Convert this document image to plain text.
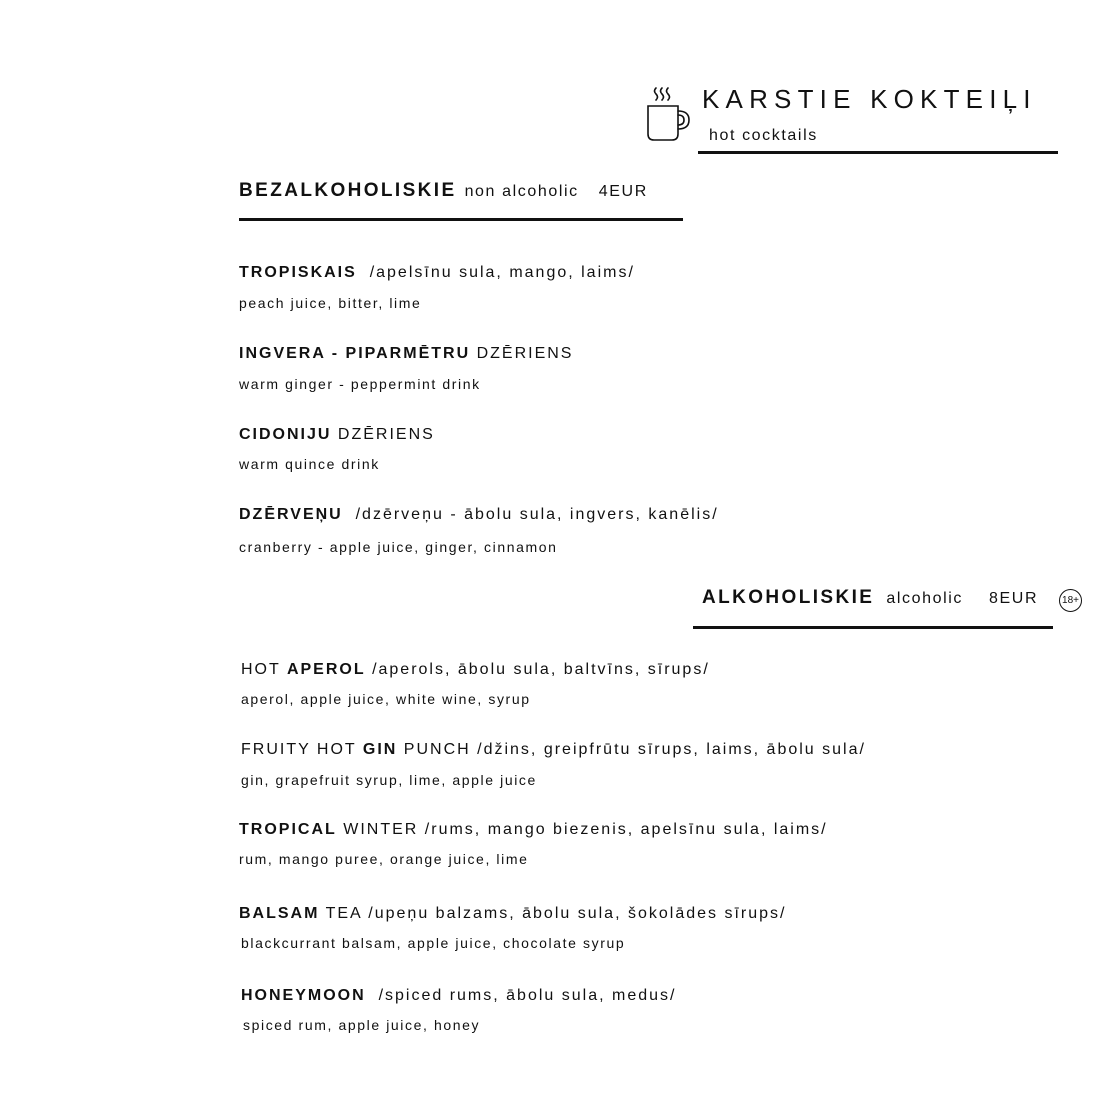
KARSTIE KOKTEIĻI
hot cocktails
BEZALKOHOLISKIE non alcoholic 4EUR
TROPISKAIS /apelsīnu sula, mango, laims/
peach juice, bitter, lime
INGVERA - PIPARMĒTRU DZĒRIENS
warm ginger - peppermint drink
CIDONIJU DZĒRIENS
warm quince drink
DZĒRVEŅU /dzērveņu - ābolu sula, ingvers, kanēlis/
cranberry - apple juice, ginger, cinnamon
ALKOHOLISKIE alcoholic 8EUR	18+
HOT APEROL /aperols, ābolu sula, baltvīns, sīrups/
aperol, apple juice, white wine, syrup
FRUITY HOT GIN PUNCH /džins, greipfrūtu sīrups, laims, ābolu sula/
gin, grapefruit syrup, lime, apple juice
TROPICAL WINTER /rums, mango biezenis, apelsīnu sula, laims/
rum, mango puree, orange juice, lime
BALSAM TEA /upeņu balzams, ābolu sula, šokolādes sīrups/
blackcurrant balsam, apple juice, chocolate syrup
HONEYMOON /spiced rums, ābolu sula, medus/
spiced rum, apple juice, honey
